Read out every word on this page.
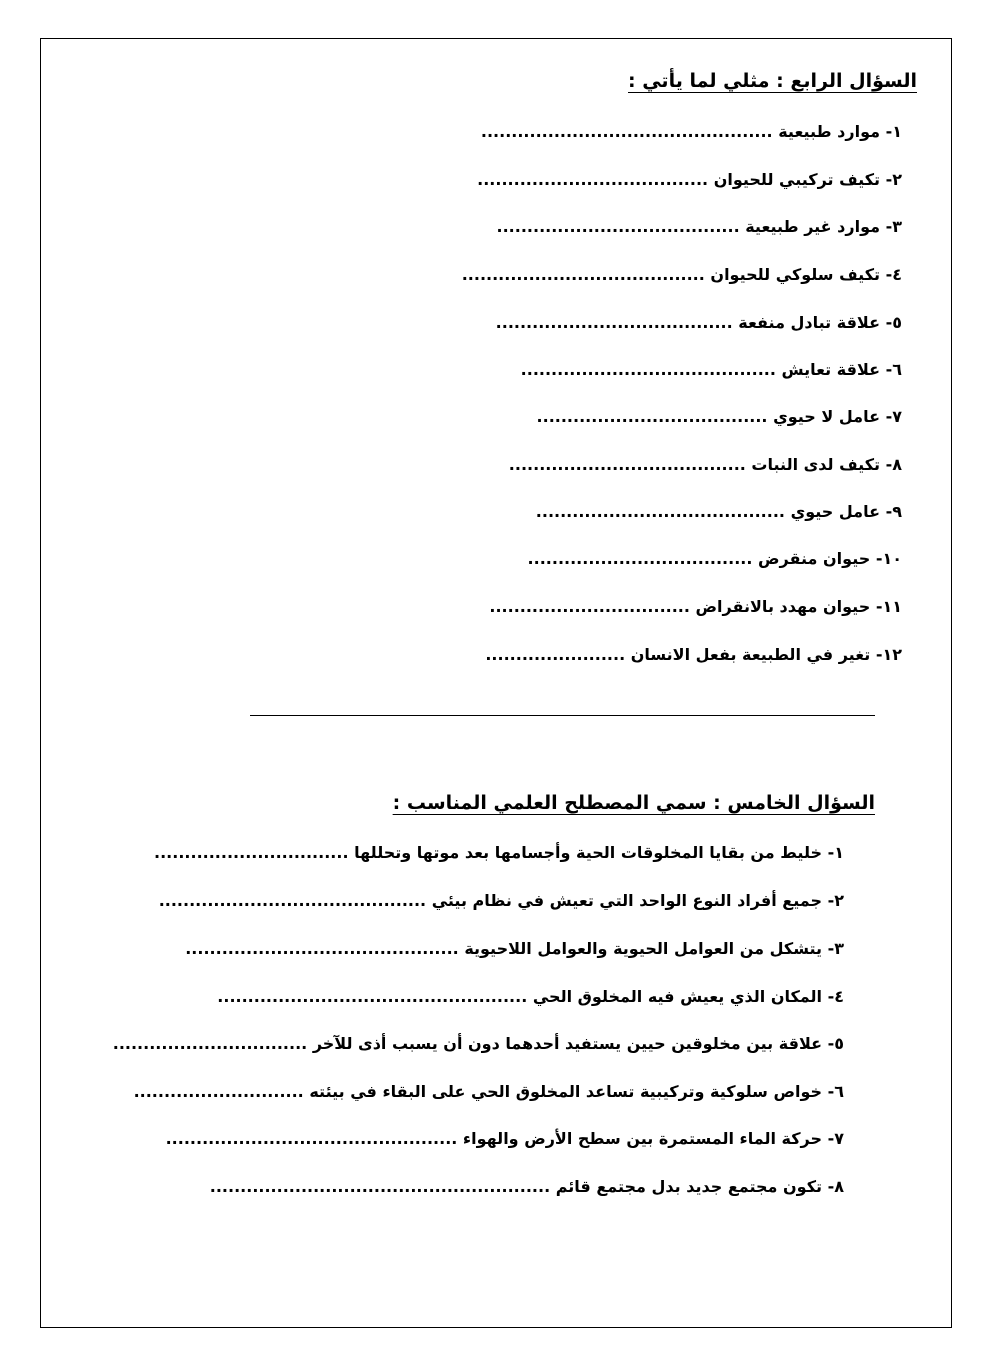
السؤال الرابع : مثلي لما يأتي :
١- موارد طبيعية ................................................
٢- تكيف تركيبي للحيوان ......................................
٣- موارد غير طبيعية ........................................
٤- تكيف سلوكي للحيوان ........................................
٥- علاقة تبادل منفعة .......................................
٦- علاقة تعايش ..........................................
٧- عامل لا حيوي ......................................
٨- تكيف لدى النبات .......................................
٩- عامل حيوي .........................................
١٠- حيوان منقرض .....................................
١١- حيوان مهدد بالانقراض .................................
١٢- تغير في الطبيعة بفعل الانسان .......................
السؤال الخامس : سمي المصطلح العلمي المناسب :
١- خليط من بقايا المخلوقات الحية وأجسامها بعد موتها وتحللها ................................
٢- جميع أفراد النوع الواحد التي تعيش في نظام بيئي ............................................
٣- يتشكل من العوامل الحيوية والعوامل اللاحيوية .............................................
٤- المكان الذي يعيش فيه المخلوق الحي ...................................................
٥- علاقة بين مخلوقين حيين يستفيد أحدهما دون أن يسبب أذى للآخر ................................
٦- خواص سلوكية وتركيبية تساعد المخلوق الحي على البقاء في بيئته ............................
٧- حركة الماء المستمرة بين سطح الأرض والهواء ................................................
٨- تكون مجتمع جديد بدل مجتمع قائم ........................................................
